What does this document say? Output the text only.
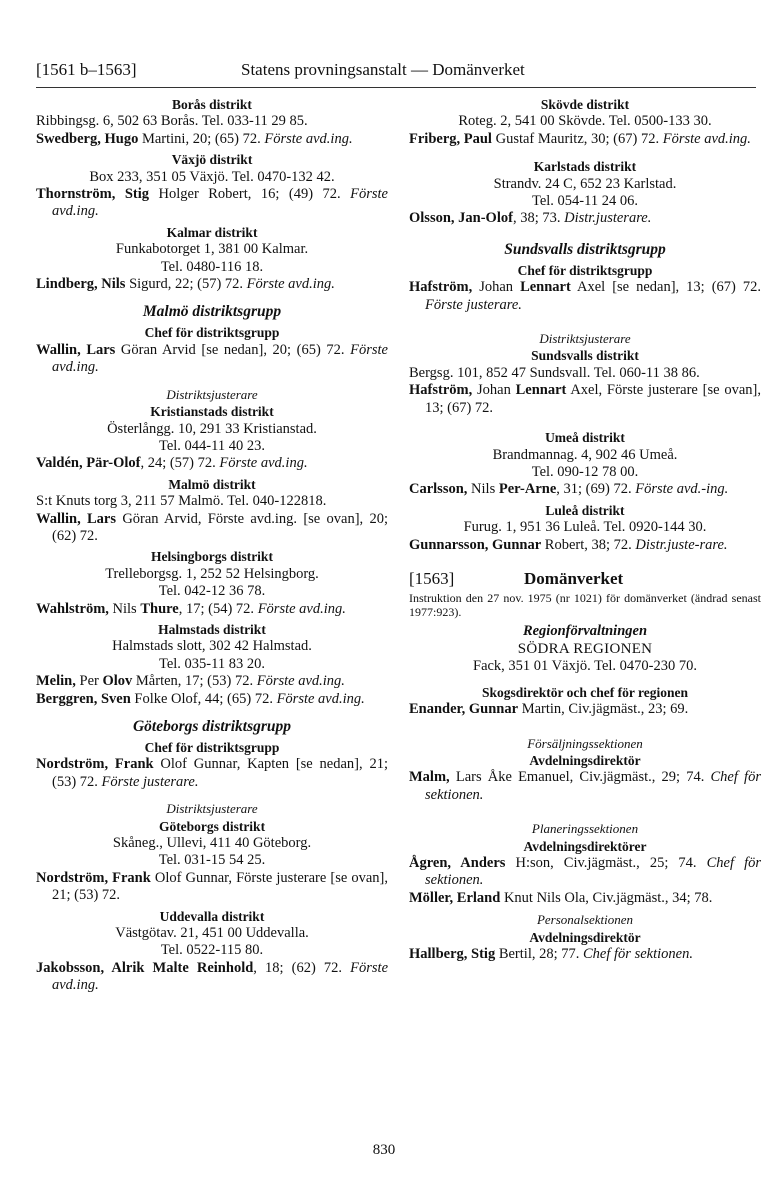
[1561 b–1563]	Statens provningsanstalt — Domänverket
Borås distrikt
Ribbingsg. 6, 502 63 Borås. Tel. 033-11 29 85.
Swedberg, Hugo Martini, 20; (65) 72. Förste avd.ing.
Växjö distrikt
Box 233, 351 05 Växjö. Tel. 0470-132 42.
Thornström, Stig Holger Robert, 16; (49) 72. Förste avd.ing.
Kalmar distrikt
Funkabotorget 1, 381 00 Kalmar.
Tel. 0480-116 18.
Lindberg, Nils Sigurd, 22; (57) 72. Förste avd.ing.
Malmö distriktsgrupp
Chef för distriktsgrupp
Wallin, Lars Göran Arvid [se nedan], 20; (65) 72. Förste avd.ing.
Distriktsjusterare
Kristianstads distrikt
Österlångg. 10, 291 33 Kristianstad.
Tel. 044-11 40 23.
Valdén, Pär-Olof, 24; (57) 72. Förste avd.ing.
Malmö distrikt
S:t Knuts torg 3, 211 57 Malmö. Tel. 040-122818.
Wallin, Lars Göran Arvid, Förste avd.ing. [se ovan], 20; (62) 72.
Helsingborgs distrikt
Trelleborgsg. 1, 252 52 Helsingborg.
Tel. 042-12 36 78.
Wahlström, Nils Thure, 17; (54) 72. Förste avd.ing.
Halmstads distrikt
Halmstads slott, 302 42 Halmstad.
Tel. 035-11 83 20.
Melin, Per Olov Mårten, 17; (53) 72. Förste avd.ing.
Berggren, Sven Folke Olof, 44; (65) 72. Förste avd.ing.
Göteborgs distriktsgrupp
Chef för distriktsgrupp
Nordström, Frank Olof Gunnar, Kapten [se nedan], 21; (53) 72. Förste justerare.
Distriktsjusterare
Göteborgs distrikt
Skåneg., Ullevi, 411 40 Göteborg.
Tel. 031-15 54 25.
Nordström, Frank Olof Gunnar, Förste justerare [se ovan], 21; (53) 72.
Uddevalla distrikt
Västgötav. 21, 451 00 Uddevalla.
Tel. 0522-115 80.
Jakobsson, Alrik Malte Reinhold, 18; (62) 72. Förste avd.ing.
Skövde distrikt
Roteg. 2, 541 00 Skövde. Tel. 0500-133 30.
Friberg, Paul Gustaf Mauritz, 30; (67) 72. Förste avd.ing.
Karlstads distrikt
Strandv. 24 C, 652 23 Karlstad.
Tel. 054-11 24 06.
Olsson, Jan-Olof, 38; 73. Distr.justerare.
Sundsvalls distriktsgrupp
Chef för distriktsgrupp
Hafström, Johan Lennart Axel [se nedan], 13; (67) 72. Förste justerare.
Distriktsjusterare
Sundsvalls distrikt
Bergsg. 101, 852 47 Sundsvall. Tel. 060-11 38 86.
Hafström, Johan Lennart Axel, Förste justerare [se ovan], 13; (67) 72.
Umeå distrikt
Brandmannag. 4, 902 46 Umeå.
Tel. 090-12 78 00.
Carlsson, Nils Per-Arne, 31; (69) 72. Förste avd.-ing.
Luleå distrikt
Furug. 1, 951 36 Luleå. Tel. 0920-144 30.
Gunnarsson, Gunnar Robert, 38; 72. Distr.juste-rare.
[1563]	Domänverket
Instruktion den 27 nov. 1975 (nr 1021) för domänverket (ändrad senast 1977:923).
Regionförvaltningen
SÖDRA REGIONEN
Fack, 351 01 Växjö. Tel. 0470-230 70.
Skogsdirektör och chef för regionen
Enander, Gunnar Martin, Civ.jägmäst., 23; 69.
Försäljningssektionen
Avdelningsdirektör
Malm, Lars Åke Emanuel, Civ.jägmäst., 29; 74. Chef för sektionen.
Planeringssektionen
Avdelningsdirektörer
Ågren, Anders H:son, Civ.jägmäst., 25; 74. Chef för sektionen.
Möller, Erland Knut Nils Ola, Civ.jägmäst., 34; 78.
Personalsektionen
Avdelningsdirektör
Hallberg, Stig Bertil, 28; 77. Chef för sektionen.
830
